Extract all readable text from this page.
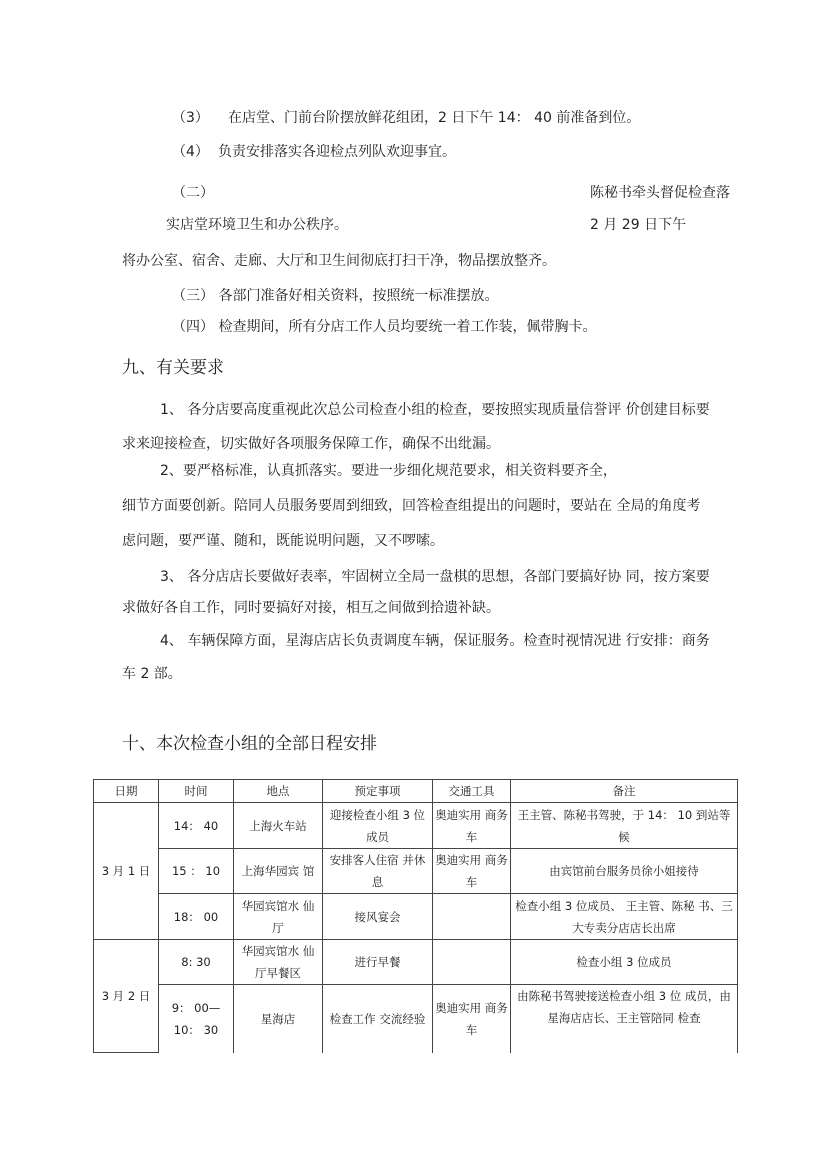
（3） 在店堂、门前台阶摆放鲜花组团，2 日下午 14： 40 前准备到位。
（4） 负责安排落实各迎检点列队欢迎事宜。
（二）	陈秘书牵头督促检查落
实店堂环境卫生和办公秩序。	2 月 29 日下午
将办公室、宿舍、走廊、大厅和卫生间彻底打扫干净，物品摆放整齐。
（三） 各部门准备好相关资料，按照统一标准摆放。
（四） 检查期间，所有分店工作人员均要统一着工作装，佩带胸卡。
九、有关要求
1、 各分店要高度重视此次总公司检查小组的检查，要按照实现质量信誉评 价创建目标要
求来迎接检查，切实做好各项服务保障工作，确保不出纰漏。
2、要严格标准，认真抓落实。要进一步细化规范要求，相关资料要齐全，
细节方面要创新。陪同人员服务要周到细致，回答检查组提出的问题时，要站在 全局的角度考
虑问题，要严谨、随和，既能说明问题，又不啰嗦。
3、 各分店店长要做好表率，牢固树立全局一盘棋的思想，各部门要搞好协 同，按方案要
求做好各自工作，同时要搞好对接，相互之间做到拾遗补缺。
4、 车辆保障方面，星海店店长负责调度车辆，保证服务。检查时视情况进 行安排：商务
车 2 部。
十、本次检查小组的全部日程安排
日期	时间	地点	预定事项	交通工具	备注
3 月 1 日	14： 40	上海火车站	迎接检查小组 3 位成员	奥迪实用 商务车	王主管、陈秘书驾驶，于 14： 10 到站等候
	15 ： 10	上海华园宾 馆	安排客人住宿 并休息	奥迪实用 商务车	由宾馆前台服务员徐小姐接待
	18： 00	华园宾馆水 仙厅	接风宴会		检查小组 3 位成员、 王主管、陈秘 书、三大专卖分店店长出席
3 月 2 日	8: 30	华园宾馆水 仙厅早餐区	进行早餐		检查小组 3 位成员
	9： 00— 10： 30	星海店	检查工作 交流经验	奥迪实用 商务车	由陈秘书驾驶接送检查小组 3 位 成员，由星海店店长、王主管陪同 检查
